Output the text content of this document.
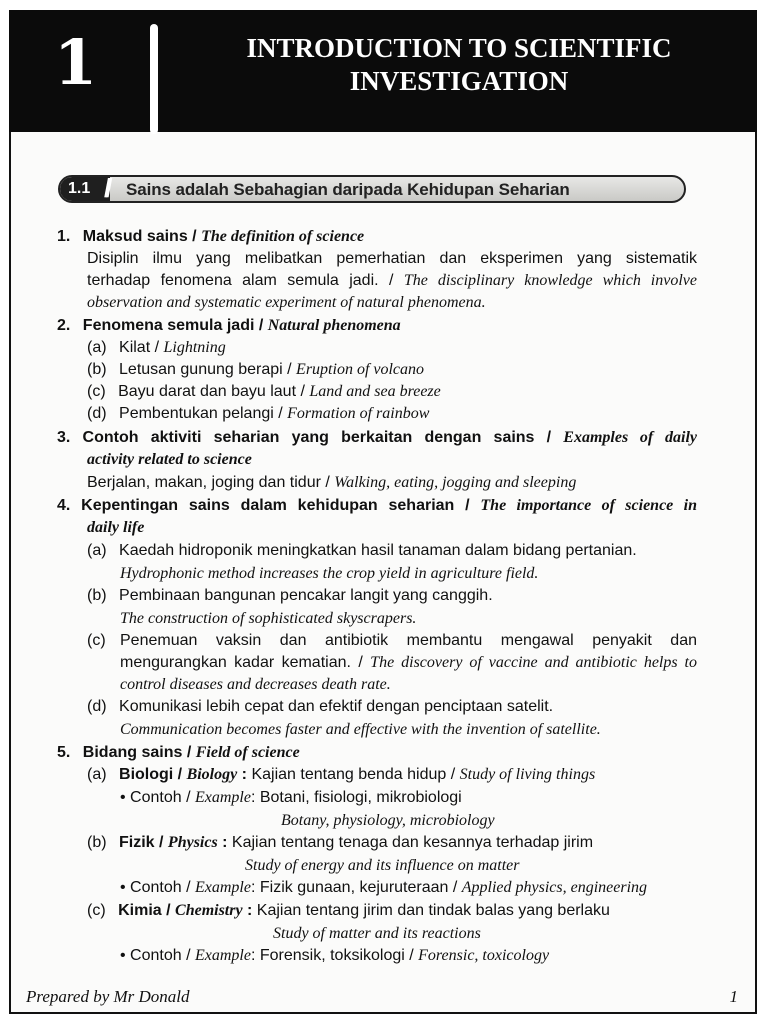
1	INTRODUCTION TO SCIENTIFIC
INVESTIGATION
1.1 // Sains adalah Sebahagian daripada Kehidupan Seharian
1. Maksud sains / The definition of science
Disiplin ilmu yang melibatkan pemerhatian dan eksperimen yang sistematik
terhadap fenomena alam semula jadi. / The disciplinary knowledge which involve
observation and systematic experiment of natural phenomena.
2. Fenomena semula jadi / Natural phenomena
(a) Kilat / Lightning
(b) Letusan gunung berapi / Eruption of volcano
(c) Bayu darat dan bayu laut / Land and sea breeze
(d) Pembentukan pelangi / Formation of rainbow
3. Contoh aktiviti seharian yang berkaitan dengan sains / Examples of daily
activity related to science
Berjalan, makan, joging dan tidur / Walking, eating, jogging and sleeping
4. Kepentingan sains dalam kehidupan seharian / The importance of science in
daily life
(a) Kaedah hidroponik meningkatkan hasil tanaman dalam bidang pertanian.
Hydrophonic method increases the crop yield in agriculture field.
(b) Pembinaan bangunan pencakar langit yang canggih.
The construction of sophisticated skyscrapers.
(c) Penemuan vaksin dan antibiotik membantu mengawal penyakit dan
mengurangkan kadar kematian. / The discovery of vaccine and antibiotic helps to
control diseases and decreases death rate.
(d) Komunikasi lebih cepat dan efektif dengan penciptaan satelit.
Communication becomes faster and effective with the invention of satellite.
5. Bidang sains / Field of science
(a) Biologi / Biology : Kajian tentang benda hidup / Study of living things
• Contoh / Example: Botani, fisiologi, mikrobiologi
Botany, physiology, microbiology
(b) Fizik / Physics : Kajian tentang tenaga dan kesannya terhadap jirim
Study of energy and its influence on matter
• Contoh / Example: Fizik gunaan, kejuruteraan / Applied physics, engineering
(c) Kimia / Chemistry : Kajian tentang jirim dan tindak balas yang berlaku
Study of matter and its reactions
• Contoh / Example: Forensik, toksikologi / Forensic, toxicology
Prepared by Mr Donald	1
